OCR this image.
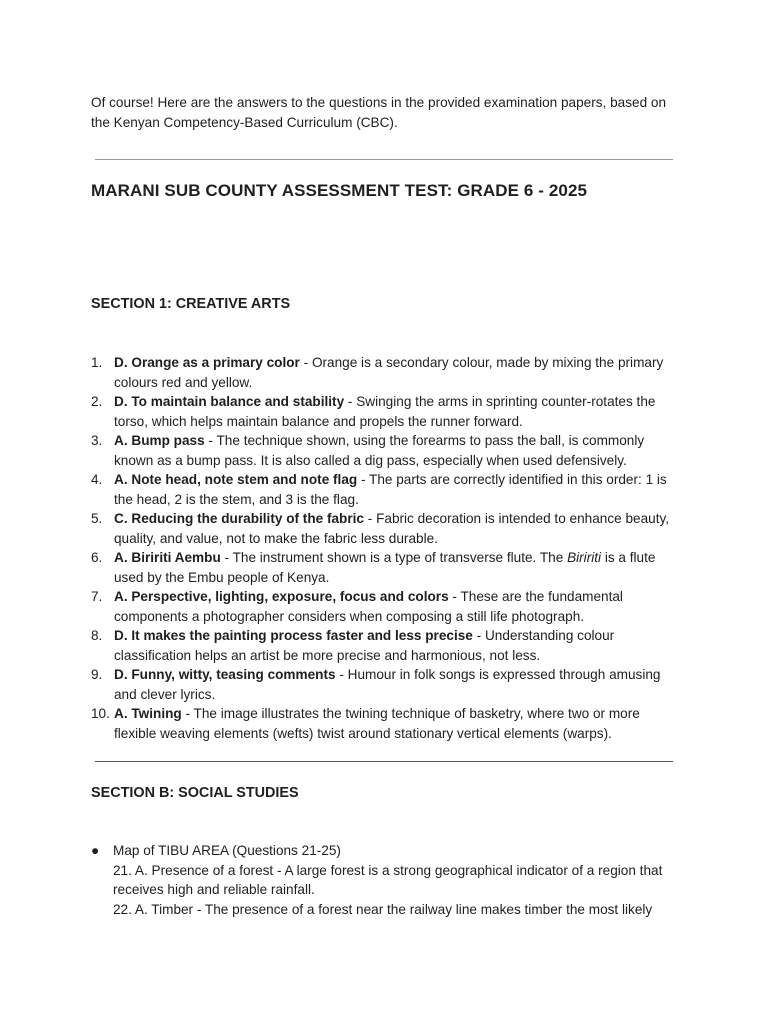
Of course! Here are the answers to the questions in the provided examination papers, based on the Kenyan Competency-Based Curriculum (CBC).

MARANI SUB COUNTY ASSESSMENT TEST: GRADE 6 - 2025
SECTION 1: CREATIVE ARTS
1. D. Orange as a primary color - Orange is a secondary colour, made by mixing the primary colours red and yellow.
2. D. To maintain balance and stability - Swinging the arms in sprinting counter-rotates the torso, which helps maintain balance and propels the runner forward.
3. A. Bump pass - The technique shown, using the forearms to pass the ball, is commonly known as a bump pass. It is also called a dig pass, especially when used defensively.
4. A. Note head, note stem and note flag - The parts are correctly identified in this order: 1 is the head, 2 is the stem, and 3 is the flag.
5. C. Reducing the durability of the fabric - Fabric decoration is intended to enhance beauty, quality, and value, not to make the fabric less durable.
6. A. Biririti Aembu - The instrument shown is a type of transverse flute. The Biririti is a flute used by the Embu people of Kenya.
7. A. Perspective, lighting, exposure, focus and colors - These are the fundamental components a photographer considers when composing a still life photograph.
8. D. It makes the painting process faster and less precise - Understanding colour classification helps an artist be more precise and harmonious, not less.
9. D. Funny, witty, teasing comments - Humour in folk songs is expressed through amusing and clever lyrics.
10. A. Twining - The image illustrates the twining technique of basketry, where two or more flexible weaving elements (wefts) twist around stationary vertical elements (warps).
SECTION B: SOCIAL STUDIES
● Map of TIBU AREA (Questions 21-25)
21. A. Presence of a forest - A large forest is a strong geographical indicator of a region that receives high and reliable rainfall.
22. A. Timber - The presence of a forest near the railway line makes timber the most likely
